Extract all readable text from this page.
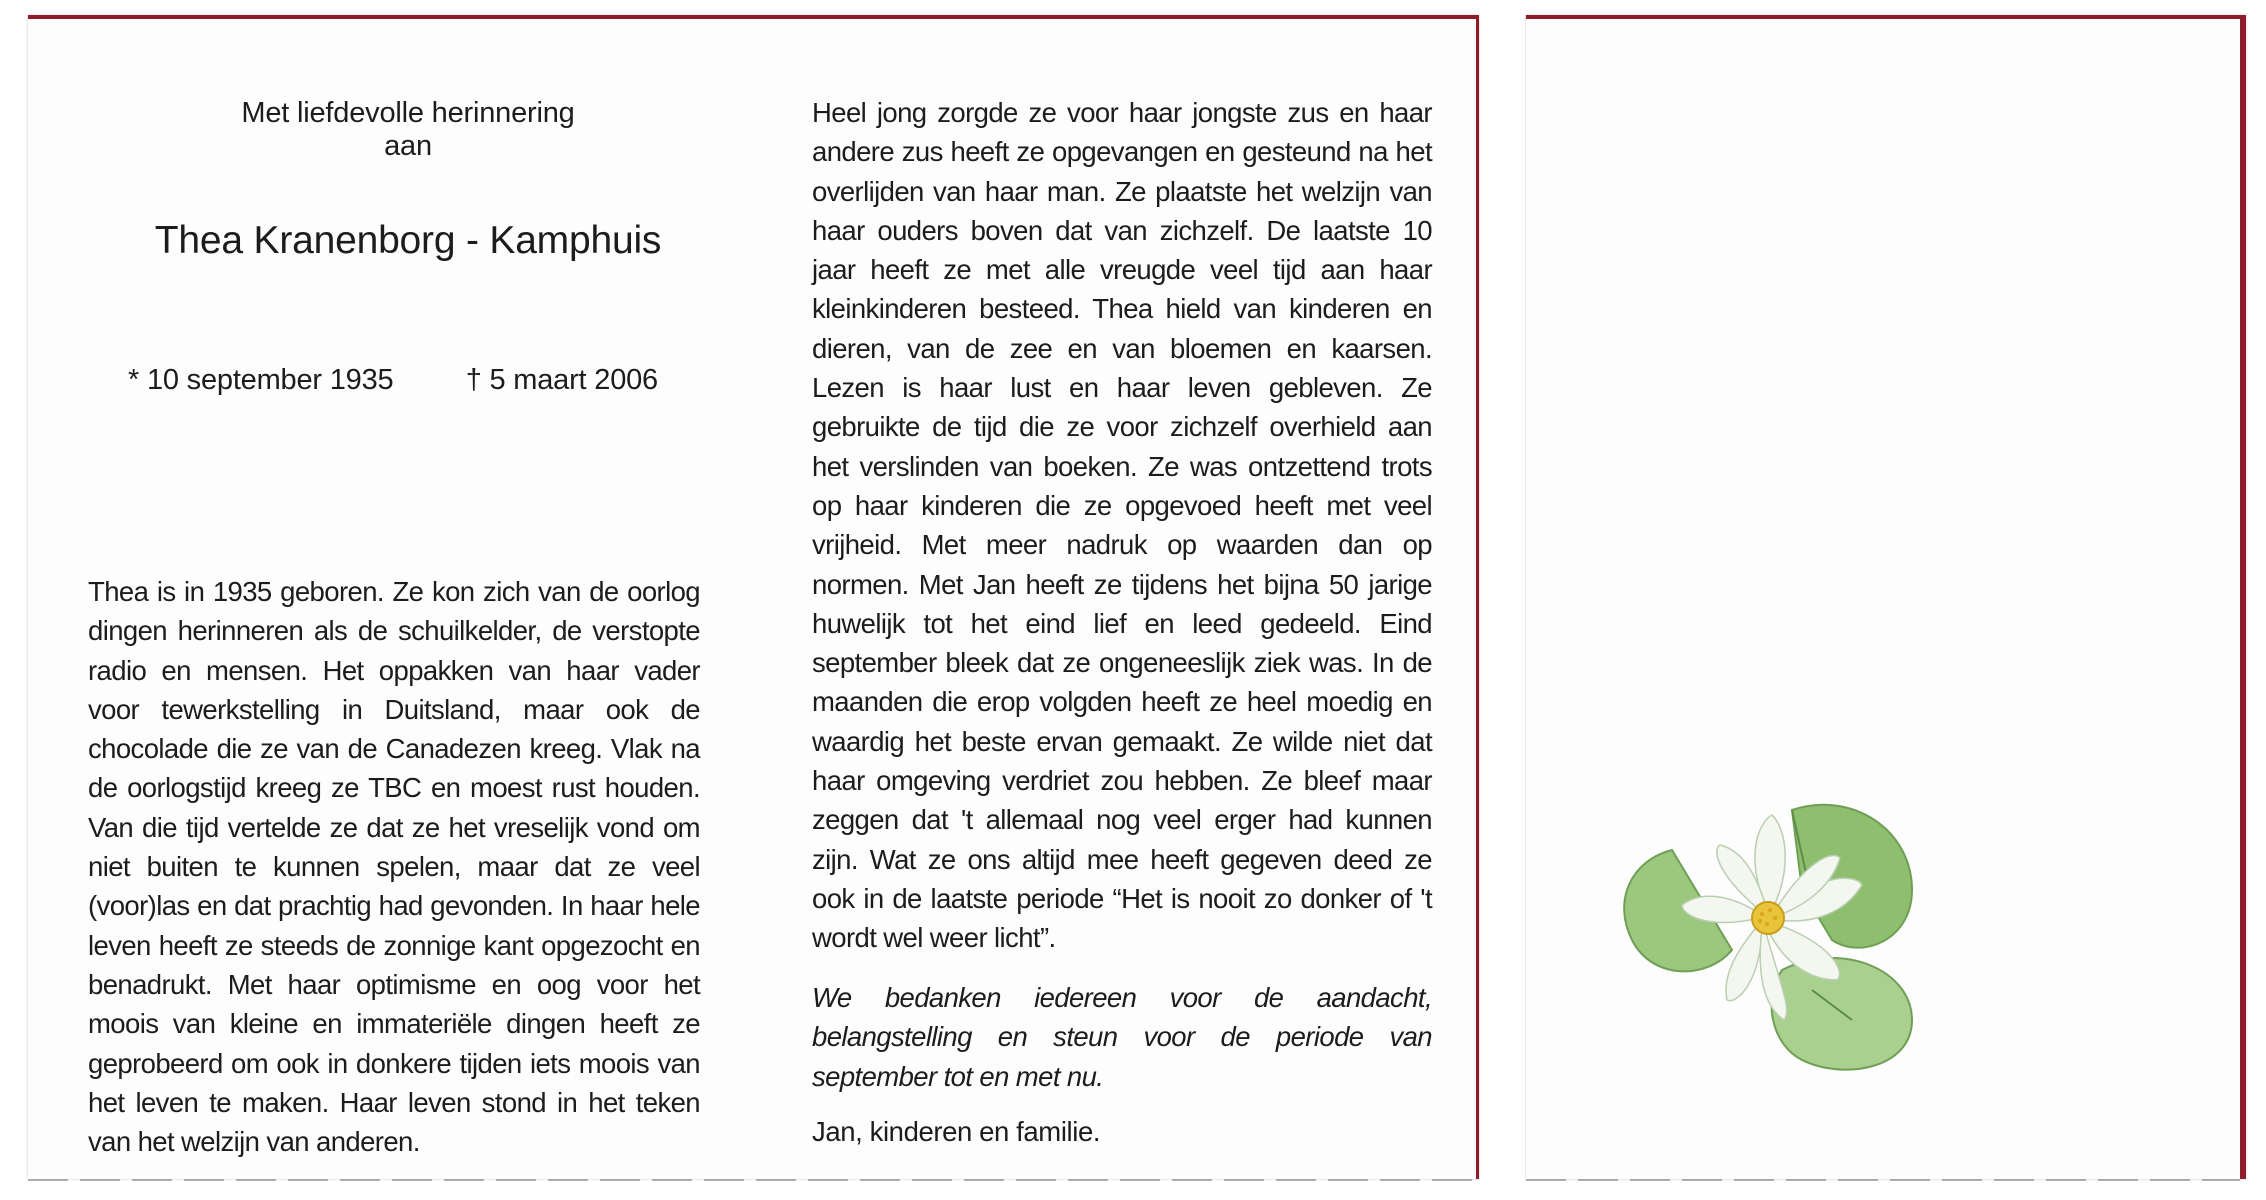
Met liefdevolle herinnering aan
Thea Kranenborg - Kamphuis
* 10 september 1935	† 5 maart 2006
Thea is in 1935 geboren. Ze kon zich van de oorlog dingen herinneren als de schuilkelder, de verstopte radio en mensen. Het oppakken van haar vader voor tewerkstelling in Duitsland, maar ook de chocolade die ze van de Canadezen kreeg. Vlak na de oorlogstijd kreeg ze TBC en moest rust houden. Van die tijd vertelde ze dat ze het vreselijk vond om niet buiten te kunnen spelen, maar dat ze veel (voor)las en dat prachtig had gevonden. In haar hele leven heeft ze steeds de zonnige kant opgezocht en benadrukt. Met haar optimisme en oog voor het moois van kleine en immateriële dingen heeft ze geprobeerd om ook in donkere tijden iets moois van het leven te maken. Haar leven stond in het teken van het welzijn van anderen.
Heel jong zorgde ze voor haar jongste zus en haar andere zus heeft ze opgevangen en gesteund na het overlijden van haar man. Ze plaatste het welzijn van haar ouders boven dat van zichzelf. De laatste 10 jaar heeft ze met alle vreugde veel tijd aan haar kleinkinderen besteed. Thea hield van kinderen en dieren, van de zee en van bloemen en kaarsen. Lezen is haar lust en haar leven gebleven. Ze gebruikte de tijd die ze voor zichzelf overhield aan het verslinden van boeken. Ze was ontzettend trots op haar kinderen die ze opgevoed heeft met veel vrijheid. Met meer nadruk op waarden dan op normen. Met Jan heeft ze tijdens het bijna 50 jarige huwelijk tot het eind lief en leed gedeeld. Eind september bleek dat ze ongeneeslijk ziek was. In de maanden die erop volgden heeft ze heel moedig en waardig het beste ervan gemaakt. Ze wilde niet dat haar omgeving verdriet zou hebben. Ze bleef maar zeggen dat 't allemaal nog veel erger had kunnen zijn. Wat ze ons altijd mee heeft gegeven deed ze ook in de laatste periode “Het is nooit zo donker of 't wordt wel weer licht”.
We bedanken iedereen voor de aandacht, belangstelling en steun voor de periode van september tot en met nu.
Jan, kinderen en familie.
